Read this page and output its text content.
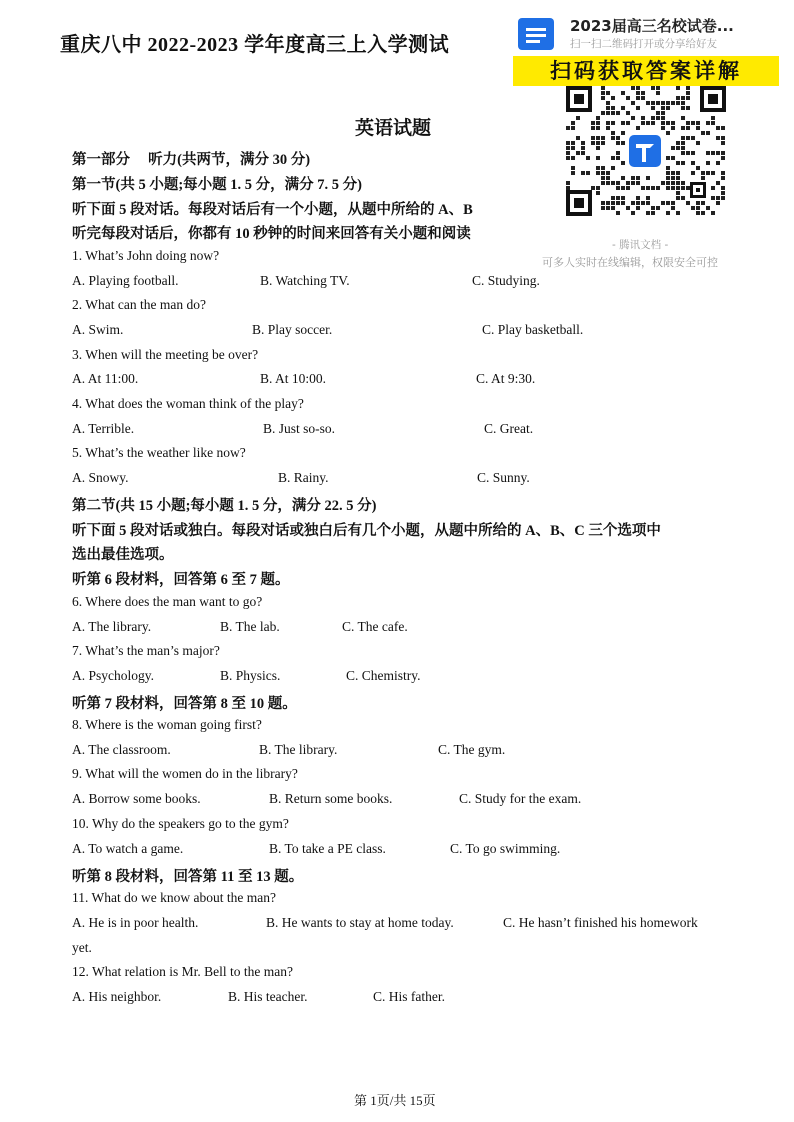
重庆八中 2022-2023 学年度高三上入学测试
英语试题
2023届高三名校试卷...
扫一扫二维码打开或分享给好友
扫码获取答案详解
- 腾讯文档 -
可多人实时在线编辑，权限安全可控
第一部分　 听力(共两节，满分 30 分)
第一节(共 5 小题;每小题 1. 5 分，满分 7. 5 分)
听下面 5 段对话。每段对话后有一个小题，从题中所给的 A、B
听完每段对话后，你都有 10 秒钟的时间来回答有关小题和阅读
1. What’s John doing now?
A. Playing football.	B. Watching TV.	C. Studying.
2. What can the man do?
A. Swim.	B. Play soccer.	C. Play basketball.
3. When will the meeting be over?
A. At 11:00.	B. At 10:00.	C. At 9:30.
4. What does the woman think of the play?
A. Terrible.	B. Just so-so.	C. Great.
5. What’s the weather like now?
A. Snowy.	B. Rainy.	C. Sunny.
第二节(共 15 小题;每小题 1. 5 分，满分 22. 5 分)
听下面 5 段对话或独白。每段对话或独白后有几个小题，从题中所给的 A、B、C 三个选项中
选出最佳选项。
听第 6 段材料，回答第 6 至 7 题。
6. Where does the man want to go?
A. The library.	B. The lab.	C. The cafe.
7. What’s the man’s major?
A. Psychology.	B. Physics.	C. Chemistry.
听第 7 段材料，回答第 8 至 10 题。
8. Where is the woman going first?
A. The classroom.	B. The library.	C. The gym.
9. What will the women do in the library?
A. Borrow some books.	B. Return some books.	C. Study for the exam.
10. Why do the speakers go to the gym?
A. To watch a game.	B. To take a PE class.	C. To go swimming.
听第 8 段材料，回答第 11 至 13 题。
11. What do we know about the man?
A. He is in poor health.	B. He wants to stay at home today.	C. He hasn’t finished his homework
yet.
12. What relation is Mr. Bell to the man?
A. His neighbor.	B. His teacher.	C. His father.
第 1页/共 15页
